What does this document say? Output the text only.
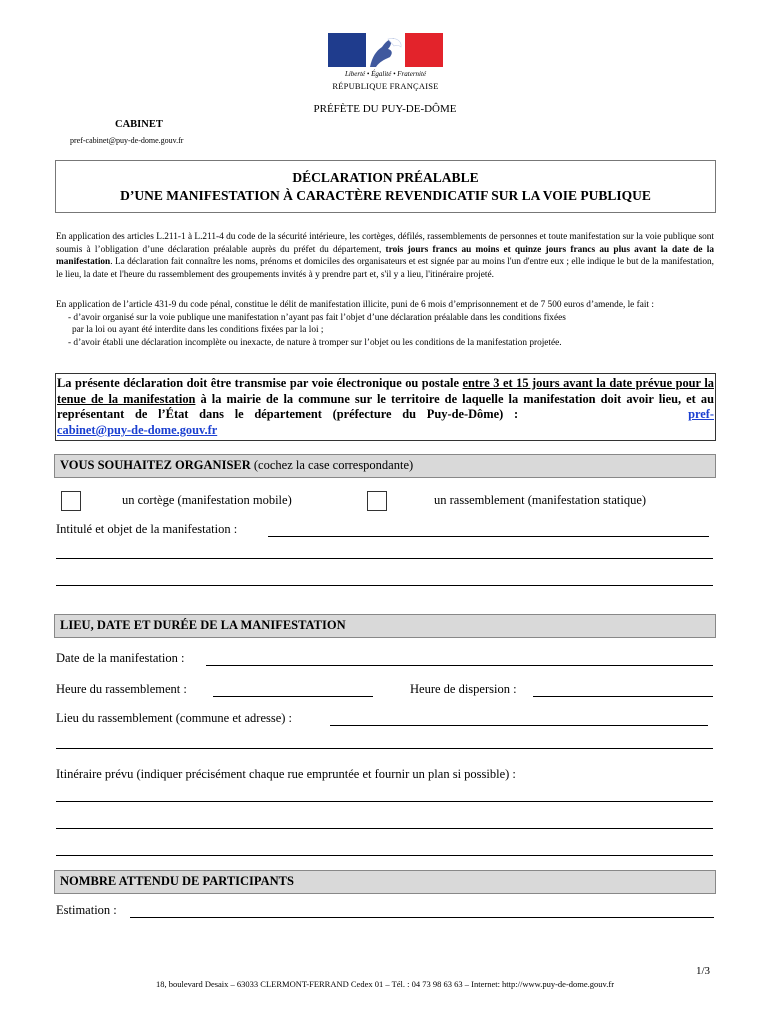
Liberté • Égalité • Fraternité
RÉPUBLIQUE FRANÇAISE
PRÉFÈTE DU PUY-DE-DÔME
CABINET
pref-cabinet@puy-de-dome.gouv.fr
DÉCLARATION PRÉALABLE
D’UNE MANIFESTATION À CARACTÈRE REVENDICATIF SUR LA VOIE PUBLIQUE

En application des articles L.211-1 à L.211-4 du code de la sécurité intérieure, les cortèges, défilés, rassemblements de personnes et toute manifestation sur la voie publique sont soumis à l’obligation d’une déclaration préalable auprès du préfet du département, trois jours francs au moins et quinze jours francs au plus avant la date de la manifestation. La déclaration fait connaître les noms, prénoms et domiciles des organisateurs et est signée par au moins l'un d'entre eux ; elle indique le but de la manifestation, le lieu, la date et l'heure du rassemblement des groupements invités à y prendre part et, s'il y a lieu, l'itinéraire projeté.

En application de l’article 431-9 du code pénal, constitue le délit de manifestation illicite, puni de 6 mois d’emprisonnement et de 7 500 euros d’amende, le fait :

- d’avoir organisé sur la voie publique une manifestation n’ayant pas fait l’objet d’une déclaration préalable dans les conditions fixées
par la loi ou ayant été interdite dans les conditions fixées par la loi ;
- d’avoir établi une déclaration incomplète ou inexacte, de nature à tromper sur l’objet ou les conditions de la manifestation projetée.
La présente déclaration doit être transmise par voie électronique ou postale entre 3 et 15 jours avant la date prévue pour la tenue de la manifestation à la mairie de la commune sur le territoire de laquelle la manifestation doit avoir lieu, et au représentant de l’État dans le département (préfecture du Puy-de-Dôme) :	pref-cabinet@puy-de-dome.gouv.fr
VOUS SOUHAITEZ ORGANISER (cochez la case correspondante)
un cortège (manifestation mobile)	un rassemblement (manifestation statique)
Intitulé et objet de la manifestation :
LIEU, DATE ET DURÉE DE LA MANIFESTATION
Date de la manifestation :
Heure du rassemblement :	Heure de dispersion :
Lieu du rassemblement (commune et adresse) :
Itinéraire prévu (indiquer précisément chaque rue empruntée et fournir un plan si possible) :
NOMBRE ATTENDU DE PARTICIPANTS
Estimation :
1/3
18, boulevard Desaix – 63033 CLERMONT-FERRAND Cedex 01 – Tél. : 04 73 98 63 63 – Internet: http://www.puy-de-dome.gouv.fr
